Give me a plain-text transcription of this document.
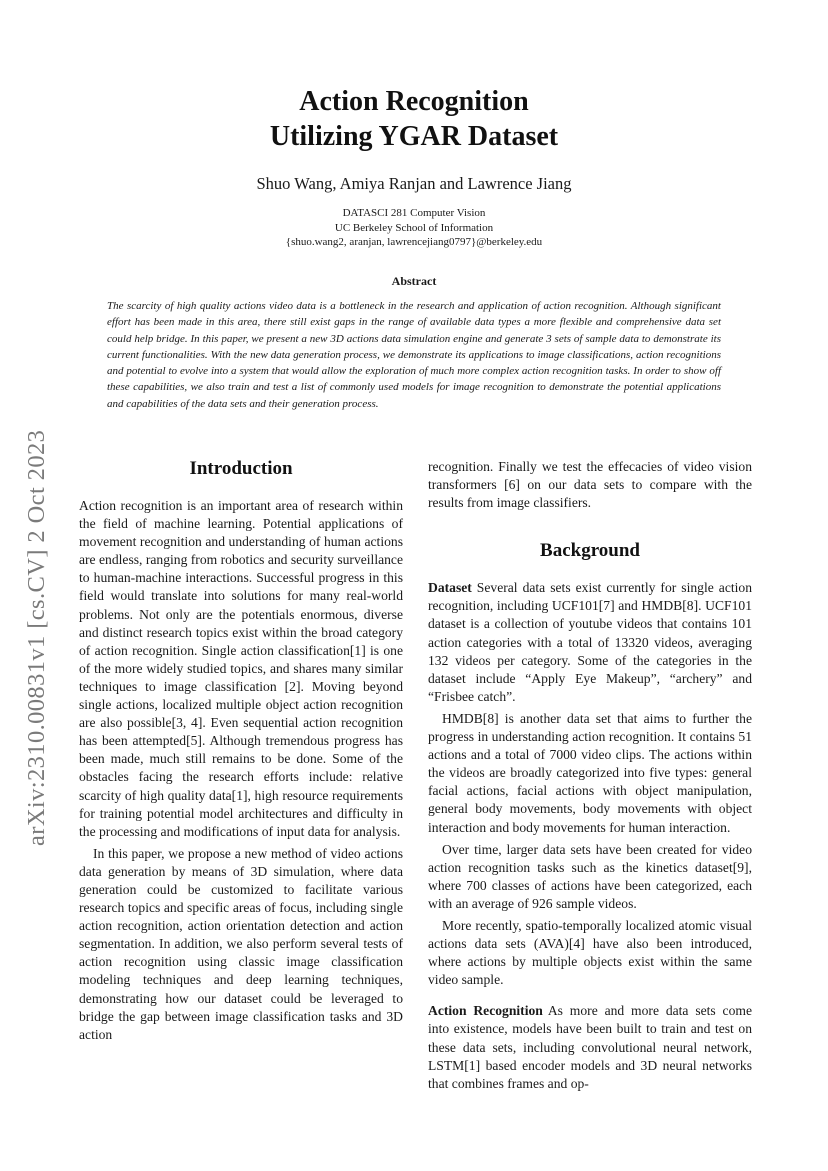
arXiv:2310.00831v1 [cs.CV] 2 Oct 2023
Action Recognition
Utilizing YGAR Dataset
Shuo Wang, Amiya Ranjan and Lawrence Jiang
DATASCI 281 Computer Vision
UC Berkeley School of Information
{shuo.wang2, aranjan, lawrencejiang0797}@berkeley.edu
Abstract

The scarcity of high quality actions video data is a bottleneck in the research and application of action recognition. Although significant effort has been made in this area, there still exist gaps in the range of available data types a more flexible and comprehensive data set could help bridge. In this paper, we present a new 3D actions data simulation engine and generate 3 sets of sample data to demonstrate its current functionalities. With the new data generation process, we demonstrate its applications to image classifications, action recognitions and potential to evolve into a system that would allow the exploration of much more complex action recognition tasks. In order to show off these capabilities, we also train and test a list of commonly used models for image recognition to demonstrate the potential applications and capabilities of the data sets and their generation process.

Introduction

Action recognition is an important area of research within the field of machine learning. Potential applications of movement recognition and understanding of human actions are endless, ranging from robotics and security surveillance to human-machine interactions. Successful progress in this field would translate into solutions for many real-world problems. Not only are the potentials enormous, diverse and distinct research topics exist within the broad category of action recognition. Single action classification[1] is one of the more widely studied topics, and shares many similar techniques to image classification [2]. Moving beyond single actions, localized multiple object action recognition are also possible[3, 4]. Even sequential action recognition has been attempted[5]. Although tremendous progress has been made, much still remains to be done. Some of the obstacles facing the research efforts include: relative scarcity of high quality data[1], high resource requirements for training potential model architectures and difficulty in the processing and modifications of input data for analysis.

In this paper, we propose a new method of video actions data generation by means of 3D simulation, where data generation could be customized to facilitate various research topics and specific areas of focus, including single action recognition, action orientation detection and action segmentation. In addition, we also perform several tests of action recognition using classic image classification modeling techniques and deep learning techniques, demonstrating how our dataset could be leveraged to bridge the gap between image classification tasks and 3D action

recognition. Finally we test the effecacies of video vision transformers [6] on our data sets to compare with the results from image classifiers.

Background

Dataset Several data sets exist currently for single action recognition, including UCF101[7] and HMDB[8]. UCF101 dataset is a collection of youtube videos that contains 101 action categories with a total of 13320 videos, averaging 132 videos per category. Some of the categories in the dataset include “Apply Eye Makeup”, “archery” and “Frisbee catch”.

HMDB[8] is another data set that aims to further the progress in understanding action recognition. It contains 51 actions and a total of 7000 video clips. The actions within the videos are broadly categorized into five types: general facial actions, facial actions with object manipulation, general body movements, body movements with object interaction and body movements for human interaction.

Over time, larger data sets have been created for video action recognition tasks such as the kinetics dataset[9], where 700 classes of actions have been categorized, each with an average of 926 sample videos.

More recently, spatio-temporally localized atomic visual actions data sets (AVA)[4] have also been introduced, where actions by multiple objects exist within the same video sample.

Action Recognition As more and more data sets come into existence, models have been built to train and test on these data sets, including convolutional neural network, LSTM[1] based encoder models and 3D neural networks that combines frames and op-
